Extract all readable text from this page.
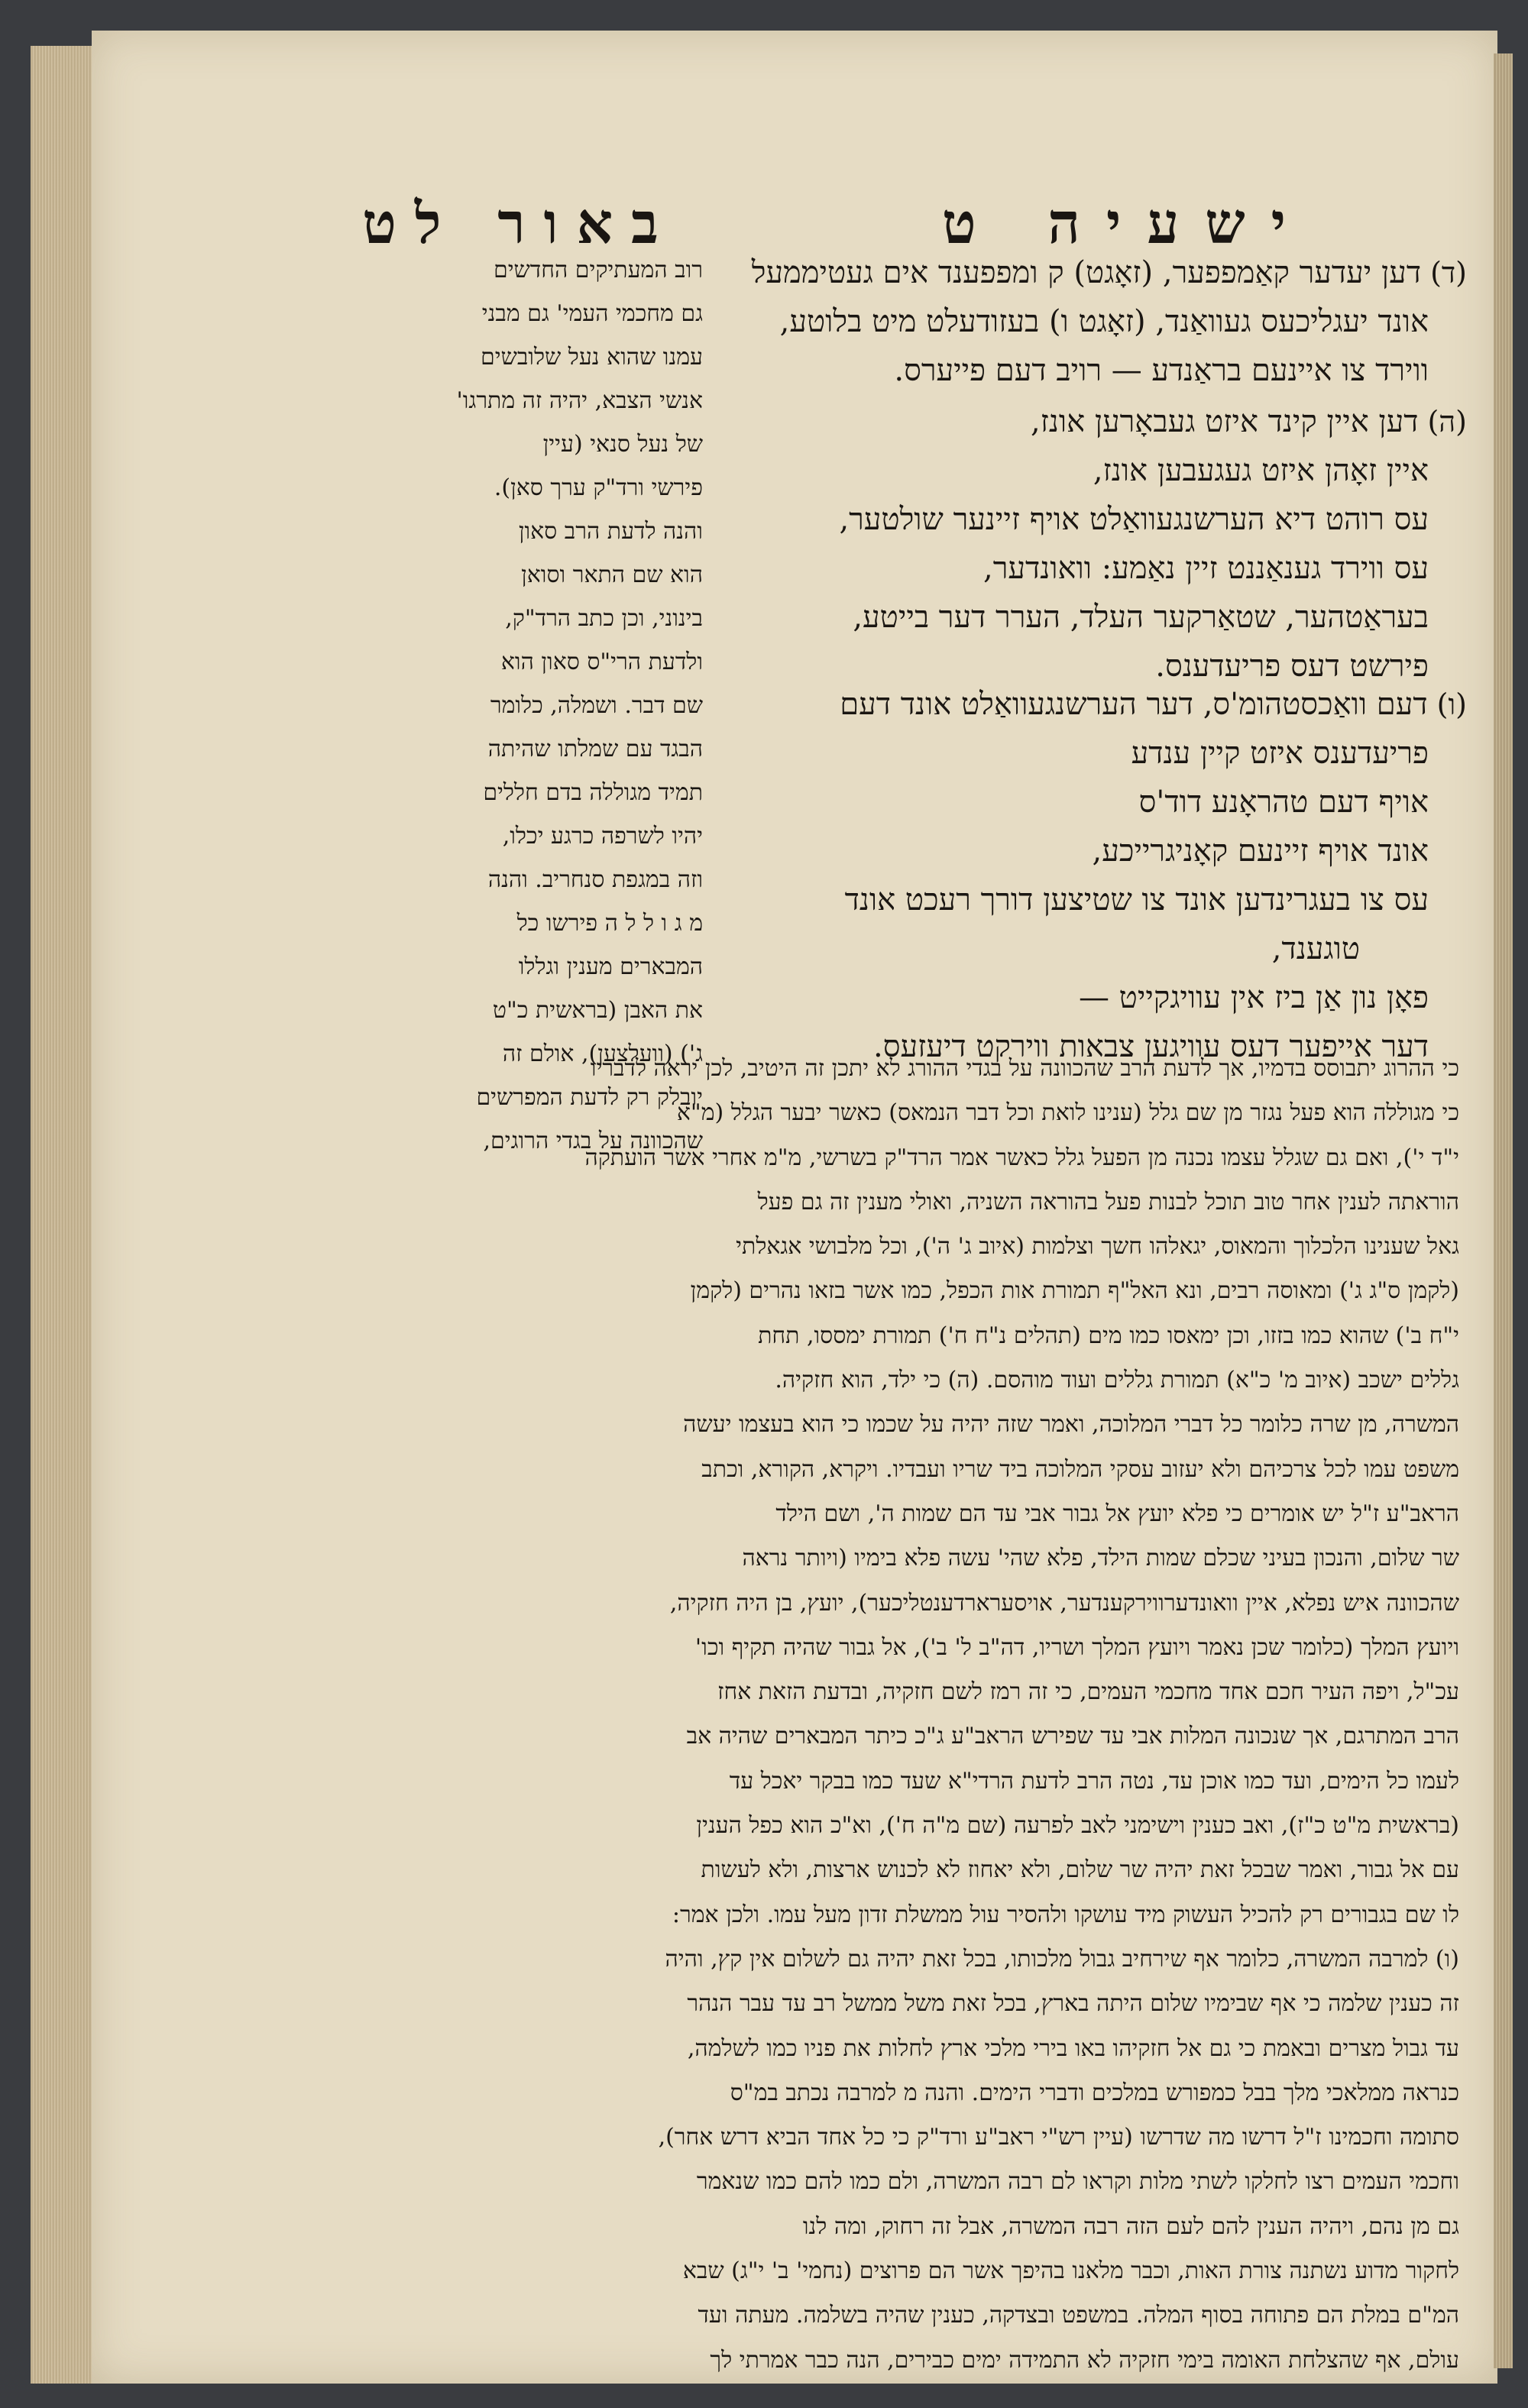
ישעיה ט
באור לט
(ד)דען יעדער קאַמפפער, (זאָגט) ק ומפפענד אים געטיממעל
אונד יעגליכעס געוואַנד, (זאָגט ו) בעזודעלט מיט בלוטע,
ווירד צו איינעם בראַנדע — רויב דעם פייערס.
(ה)דען איין קינד איזט געבאָרען אונז,
איין זאָהן איזט געגעבען אונז,
עס רוהט דיא הערשנגעוואַלט אויף זיינער שולטער,
עס ווירד גענאַננט זיין נאַמע: וואונדער,
בעראַטהער, שטאַרקער העלד, הערר דער בייטע,
פירשט דעס פריעדענס.
(ו)דעם וואַכסטהומ'ס, דער הערשנגעוואַלט אונד דעם
פריעדענס איזט קיין ענדע
אויף דעם טהראָנע דוד'ס
אונד אויף זיינעם קאָניגרייכע,
עס צו בעגרינדען אונד צו שטיצען דורך רעכט אונד
טוגענד,
פאָן נון אַן ביז אין עוויגקייט —
דער אייפער דעס עוויגען צבאות ווירקט דיעזעס.

רוב המעתיקים החדשים

גם מחכמי העמי' גם מבני

עמנו שהוא נעל שלובשים

אנשי הצבא, יהיה זה מתרגו'

של נעל סנאי (עיין

פירשי ורד"ק ערך סאן).

והנה לדעת הרב סאון

הוא שם התאר וסואן

בינוני, וכן כתב הרד"ק,

ולדעת הרי"ס סאון הוא

שם דבר. ושמלה, כלומר

הבגד עם שמלתו שהיתה

תמיד מגוללה בדם חללים

יהיו לשרפה כרגע יכלו,

וזה במגפת סנחריב. והנה

מ ג ו ל ל ה פירשו כל

המבארים מענין וגללו

את האבן (בראשית כ"ט

ג') (וועלצען), אולם זה

יובלק רק לדעת המפרשים

שהכוונה על בגדי הרוגים,

כי ההרוג יתבוסס בדמיו, אך לדעת הרב שהכוונה על בגדי ההורג לא יתכן זה היטיב, לכן יראה לדבריו

כי מגוללה הוא פעל נגזר מן שם גלל (ענינו לואת וכל דבר הנמאס) כאשר יבער הגלל (מ"א

י"ד י'), ואם גם שגלל עצמו נכנה מן הפעל גלל כאשר אמר הרד"ק בשרשי, מ"מ אחרי אשר הועתקה

הוראתה לענין אחר טוב תוכל לבנות פעל בהוראה השניה, ואולי מענין זה גם פעל

גאל שענינו הלכלוך והמאוס, יגאלהו חשך וצלמות (איוב ג' ה'), וכל מלבושי אגאלתי

(לקמן ס"ג ג') ומאוסה רבים, ונא האל"ף תמורת אות הכפל, כמו אשר בזאו נהרים (לקמן

י"ח ב') שהוא כמו בזזו, וכן ימאסו כמו מים (תהלים נ"ח ח') תמורת ימססו, תחת

גללים ישכב (איוב מ' כ"א) תמורת גללים ועוד מוהסם. (ה) כי ילד, הוא חזקיה.

המשרה, מן שרה כלומר כל דברי המלוכה, ואמר שזה יהיה על שכמו כי הוא בעצמו יעשה

משפט עמו לכל צרכיהם ולא יעזוב עסקי המלוכה ביד שריו ועבדיו. ויקרא, הקורא, וכתב

הראב"ע ז"ל יש אומרים כי פלא יועץ אל גבור אבי עד הם שמות ה', ושם הילד

שר שלום, והנכון בעיני שכלם שמות הילד, פלא שהי' עשה פלא בימיו (ויותר נראה

שהכוונה איש נפלא, איין וואונדערווירקענדער, אויסערארדענטליכער), יועץ, בן היה חזקיה,

ויועץ המלך (כלומר שכן נאמר ויועץ המלך ושריו, דה"ב ל' ב'), אל גבור שהיה תקיף וכו'

עכ"ל, ויפה העיר חכם אחד מחכמי העמים, כי זה רמז לשם חזקיה, ובדעת הזאת אחז

הרב המתרגם, אך שנכונה המלות אבי עד שפירש הראב"ע ג"כ כיתר המבארים שהיה אב

לעמו כל הימים, ועד כמו אוכן עד, נטה הרב לדעת הרדי"א שעד כמו בבקר יאכל עד

(בראשית מ"ט כ"ז), ואב כענין וישימני לאב לפרעה (שם מ"ה ח'), וא"כ הוא כפל הענין

עם אל גבור, ואמר שבכל זאת יהיה שר שלום, ולא יאחוז לא לכנוש ארצות, ולא לעשות

לו שם בגבורים רק להכיל העשוק מיד עושקו ולהסיר עול ממשלת זדון מעל עמו. ולכן אמר:

(ו) למרבה המשרה, כלומר אף שירחיב גבול מלכותו, בכל זאת יהיה גם לשלום אין קץ, והיה

זה כענין שלמה כי אף שבימיו שלום היתה בארץ, בכל זאת משל ממשל רב עד עבר הנהר

עד גבול מצרים ובאמת כי גם אל חזקיהו באו בירי מלכי ארץ לחלות את פניו כמו לשלמה,

כנראה ממלאכי מלך בבל כמפורש במלכים ודברי הימים. והנה מ למרבה נכתב במ"ס

סתומה וחכמינו ז"ל דרשו מה שדרשו (עיין רש"י ראב"ע ורד"ק כי כל אחד הביא דרש אחר),

וחכמי העמים רצו לחלקו לשתי מלות וקראו לם רבה המשרה, ולם כמו להם כמו שנאמר

גם מן נהם, ויהיה הענין להם לעם הזה רבה המשרה, אבל זה רחוק, ומה לנו

לחקור מדוע נשתנה צורת האות, וכבר מלאנו בהיפך אשר הם פרוצים (נחמי' ב' י"ג) שבא

המ"ם במלת הם פתוחה בסוף המלה. במשפט ובצדקה, כענין שהיה בשלמה. מעתה ועד

עולם, אף שהצלחת האומה בימי חזקיה לא התמידה ימים כבירים, הנה כבר אמרתי לך
